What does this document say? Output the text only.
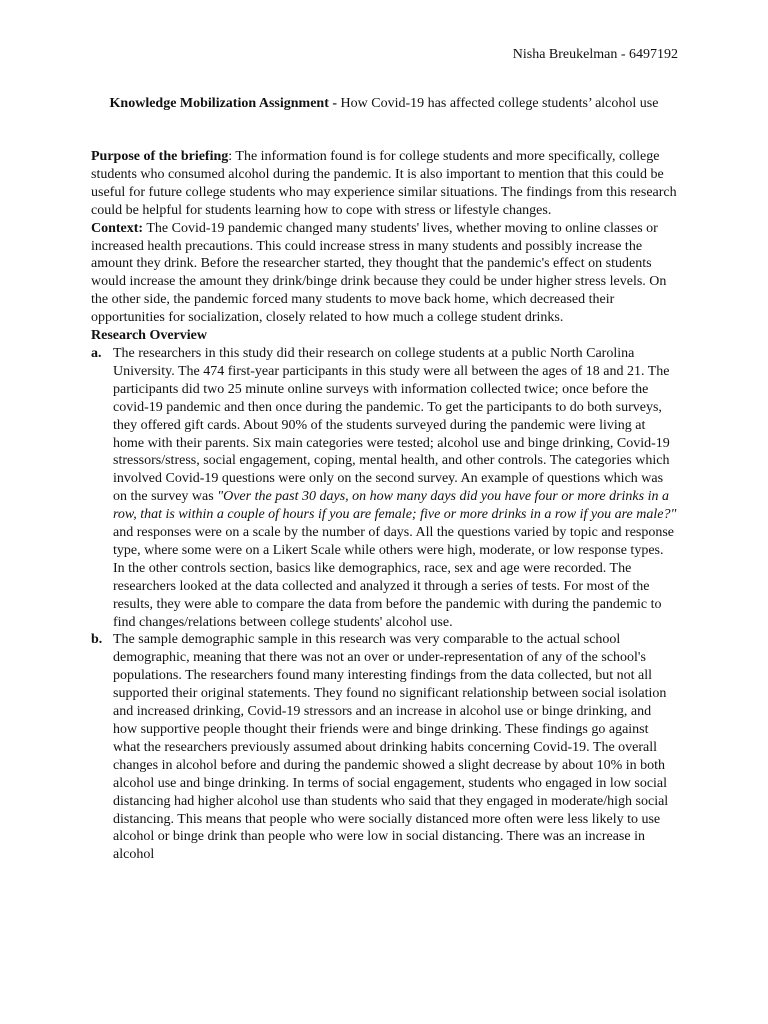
Nisha Breukelman - 6497192
Knowledge Mobilization Assignment - How Covid-19 has affected college students’ alcohol use

Purpose of the briefing: The information found is for college students and more specifically, college students who consumed alcohol during the pandemic. It is also important to mention that this could be useful for future college students who may experience similar situations. The findings from this research could be helpful for students learning how to cope with stress or lifestyle changes.

Context: The Covid-19 pandemic changed many students' lives, whether moving to online classes or increased health precautions. This could increase stress in many students and possibly increase the amount they drink. Before the researcher started, they thought that the pandemic's effect on students would increase the amount they drink/binge drink because they could be under higher stress levels. On the other side, the pandemic forced many students to move back home, which decreased their opportunities for socialization, closely related to how much a college student drinks.

Research Overview

a. The researchers in this study did their research on college students at a public North Carolina University. The 474 first-year participants in this study were all between the ages of 18 and 21. The participants did two 25 minute online surveys with information collected twice; once before the covid-19 pandemic and then once during the pandemic. To get the participants to do both surveys, they offered gift cards. About 90% of the students surveyed during the pandemic were living at home with their parents. Six main categories were tested; alcohol use and binge drinking, Covid-19 stressors/stress, social engagement, coping, mental health, and other controls. The categories which involved Covid-19 questions were only on the second survey. An example of questions which was on the survey was "Over the past 30 days, on how many days did you have four or more drinks in a row, that is within a couple of hours if you are female; five or more drinks in a row if you are male?" and responses were on a scale by the number of days. All the questions varied by topic and response type, where some were on a Likert Scale while others were high, moderate, or low response types. In the other controls section, basics like demographics, race, sex and age were recorded. The researchers looked at the data collected and analyzed it through a series of tests. For most of the results, they were able to compare the data from before the pandemic with during the pandemic to find changes/relations between college students' alcohol use.
b. The sample demographic sample in this research was very comparable to the actual school demographic, meaning that there was not an over or under-representation of any of the school's populations. The researchers found many interesting findings from the data collected, but not all supported their original statements. They found no significant relationship between social isolation and increased drinking, Covid-19 stressors and an increase in alcohol use or binge drinking, and how supportive people thought their friends were and binge drinking. These findings go against what the researchers previously assumed about drinking habits concerning Covid-19. The overall changes in alcohol before and during the pandemic showed a slight decrease by about 10% in both alcohol use and binge drinking. In terms of social engagement, students who engaged in low social distancing had higher alcohol use than students who said that they engaged in moderate/high social distancing. This means that people who were socially distanced more often were less likely to use alcohol or binge drink than people who were low in social distancing. There was an increase in alcohol
